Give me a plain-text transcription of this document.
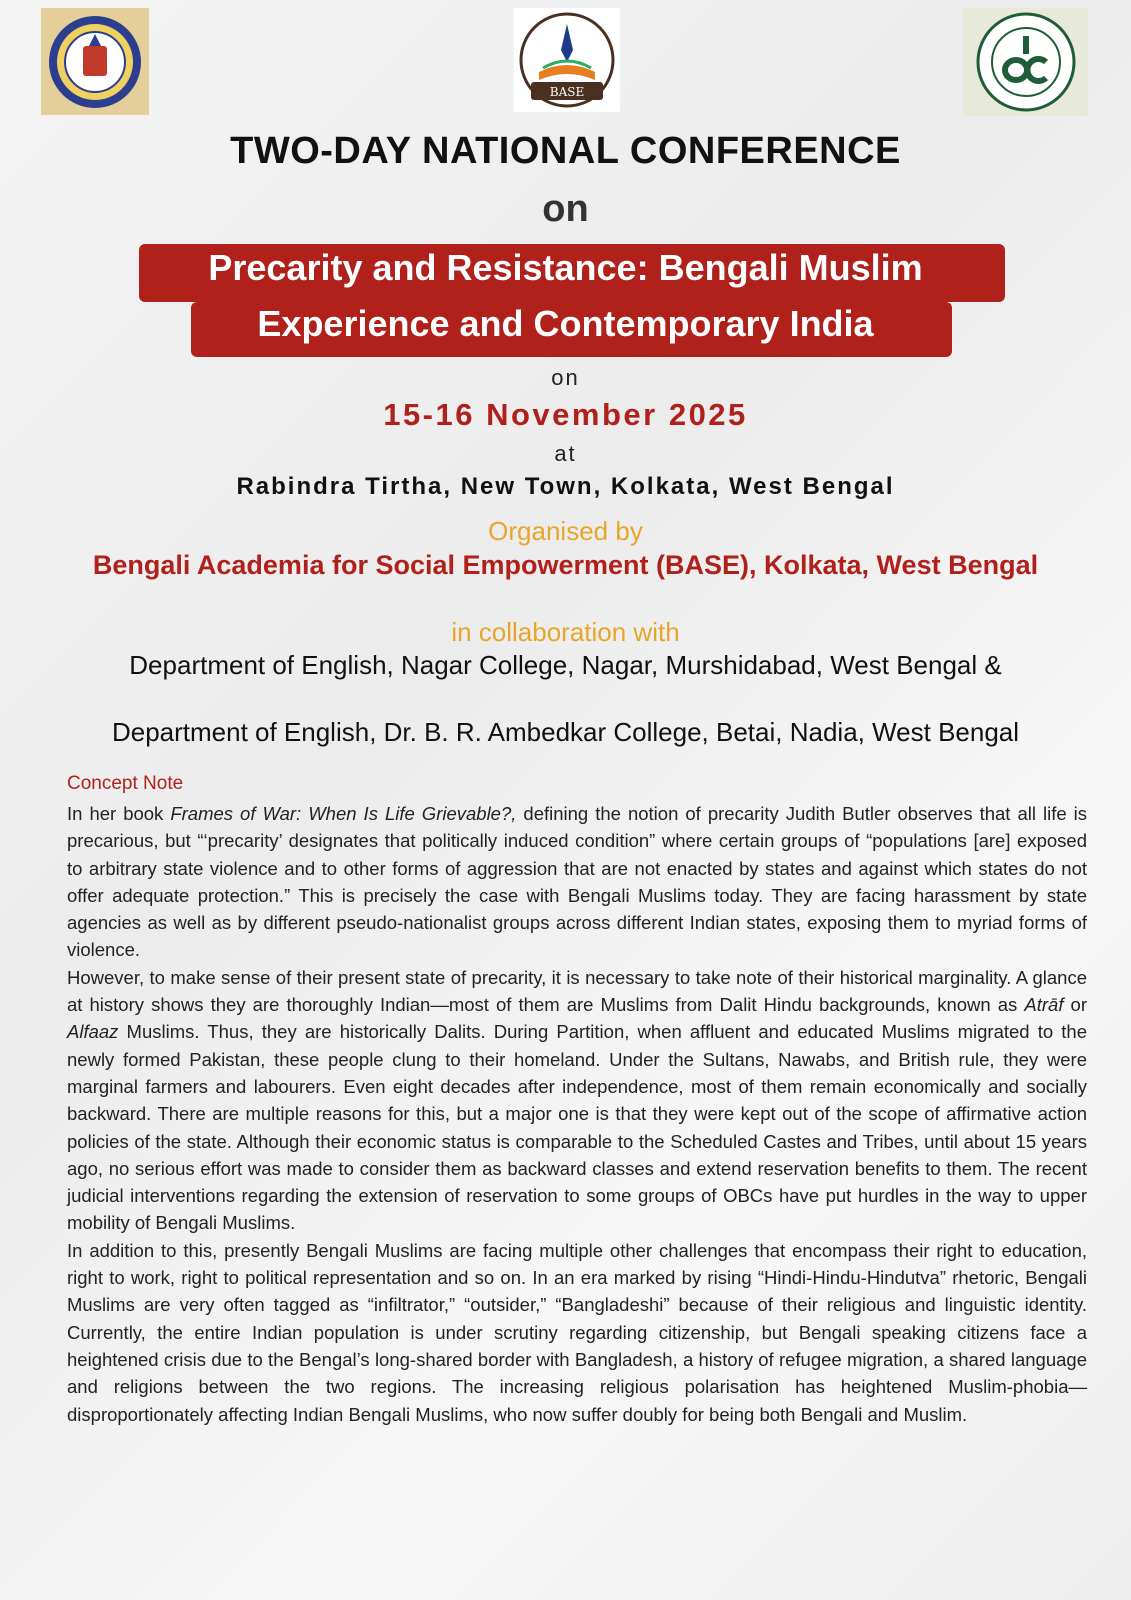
BASE
TWO-DAY NATIONAL CONFERENCE
on
Precarity and Resistance: Bengali Muslim
Experience and Contemporary India
on
15-16 November 2025
at
Rabindra Tirtha, New Town, Kolkata, West Bengal
Organised by
Bengali Academia for Social Empowerment (BASE), Kolkata, West Bengal
in collaboration with
Department of English, Nagar College, Nagar, Murshidabad, West Bengal &
Department of English, Dr. B. R. Ambedkar College, Betai, Nadia, West Bengal
Concept Note

In her book Frames of War: When Is Life Grievable?, defining the notion of precarity Judith Butler observes that all life is precarious, but “‘precarity’ designates that politically induced condition” where certain groups of “populations [are] exposed to arbitrary state violence and to other forms of aggression that are not enacted by states and against which states do not offer adequate protection.” This is precisely the case with Bengali Muslims today. They are facing harassment by state agencies as well as by different pseudo-nationalist groups across different Indian states, exposing them to myriad forms of violence.

However, to make sense of their present state of precarity, it is necessary to take note of their historical marginality. A glance at history shows they are thoroughly Indian—most of them are Muslims from Dalit Hindu backgrounds, known as Atrāf or Alfaaz Muslims. Thus, they are historically Dalits. During Partition, when affluent and educated Muslims migrated to the newly formed Pakistan, these people clung to their homeland. Under the Sultans, Nawabs, and British rule, they were marginal farmers and labourers. Even eight decades after independence, most of them remain economically and socially backward. There are multiple reasons for this, but a major one is that they were kept out of the scope of affirmative action policies of the state. Although their economic status is comparable to the Scheduled Castes and Tribes, until about 15 years ago, no serious effort was made to consider them as backward classes and extend reservation benefits to them. The recent judicial interventions regarding the extension of reservation to some groups of OBCs have put hurdles in the way to upper mobility of Bengali Muslims.

In addition to this, presently Bengali Muslims are facing multiple other challenges that encompass their right to education, right to work, right to political representation and so on. In an era marked by rising “Hindi-Hindu-Hindutva” rhetoric, Bengali Muslims are very often tagged as “infiltrator,” “outsider,” “Bangladeshi” because of their religious and linguistic identity. Currently, the entire Indian population is under scrutiny regarding citizenship, but Bengali speaking citizens face a heightened crisis due to the Bengal’s long-shared border with Bangladesh, a history of refugee migration, a shared language and religions between the two regions. The increasing religious polarisation has heightened Muslim-phobia—disproportionately affecting Indian Bengali Muslims, who now suffer doubly for being both Bengali and Muslim.
